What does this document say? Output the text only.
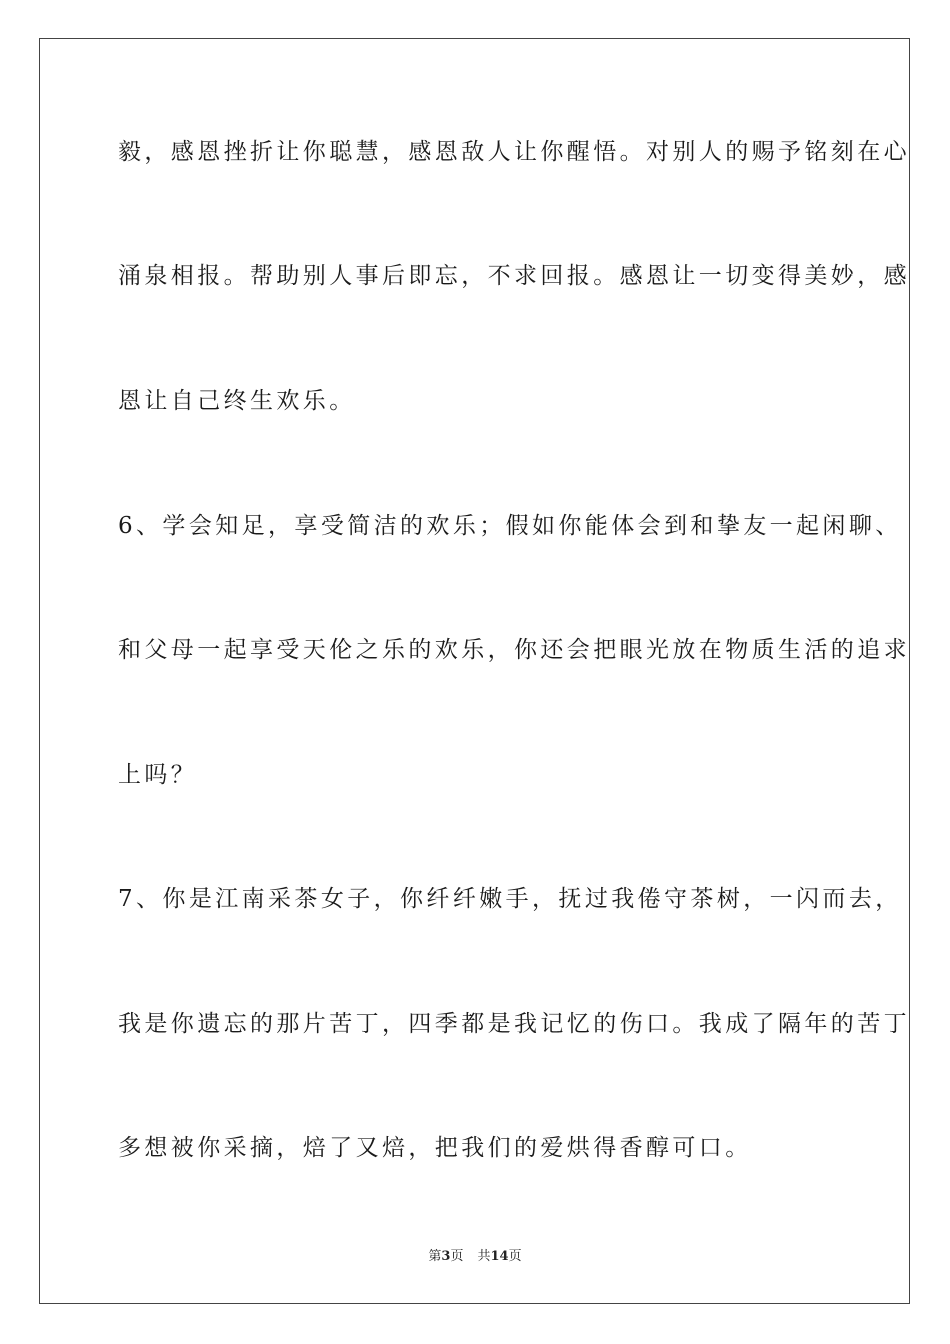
毅，感恩挫折让你聪慧，感恩敌人让你醒悟。对别人的赐予铭刻在心

涌泉相报。帮助别人事后即忘，不求回报。感恩让一切变得美妙，感

恩让自己终生欢乐。

6、学会知足，享受简洁的欢乐；假如你能体会到和挚友一起闲聊、

和父母一起享受天伦之乐的欢乐，你还会把眼光放在物质生活的追求

上吗？

7、你是江南采茶女子，你纤纤嫩手，抚过我倦守茶树，一闪而去，

我是你遗忘的那片苦丁，四季都是我记忆的伤口。我成了隔年的苦丁

多想被你采摘，焙了又焙，把我们的爱烘得香醇可口。

第3页 共14页
